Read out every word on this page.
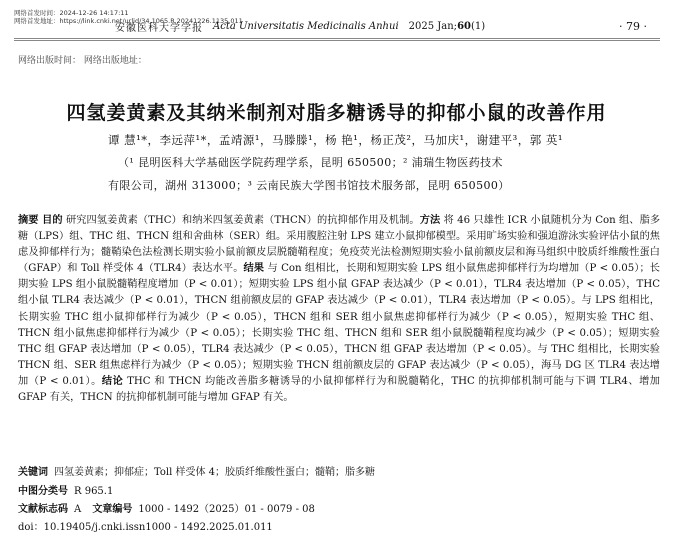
网络首发时间：2024-12-26 14:17:11
网络首发地址：https://link.cnki.net/urlid/34.1065.R.20241226.1135.011
安徽医科大学学报 Acta Universitatis Medicinalis Anhui 2025 Jan;60(1)	· 79 ·
网络出版时间： 网络出版地址：
四氢姜黄素及其纳米制剂对脂多糖诱导的抑郁小鼠的改善作用
谭 慧¹*，李远萍¹*，孟靖源¹，马滕滕¹，杨 艳¹，杨正茂²，马加庆¹，谢建平³，郭 英¹
（¹ 昆明医科大学基础医学院药理学系，昆明 650500；² 浦瑞生物医药技术
有限公司，湖州 313000；³ 云南民族大学图书馆技术服务部，昆明 650500）
摘要 目的 研究四氢姜黄素（THC）和纳米四氢姜黄素（THCN）的抗抑郁作用及机制。方法 将 46 只雄性 ICR 小鼠随机分为 Con 组、脂多糖（LPS）组、THC 组、THCN 组和舍曲林（SER）组。采用腹腔注射 LPS 建立小鼠抑郁模型。采用旷场实验和强迫游泳实验评估小鼠的焦虑及抑郁样行为；髓鞘染色法检测长期实验小鼠前额皮层脱髓鞘程度；免疫荧光法检测短期实验小鼠前额皮层和海马组织中胶质纤维酸性蛋白（GFAP）和 Toll 样受体 4（TLR4）表达水平。结果 与 Con 组相比，长期和短期实验 LPS 组小鼠焦虑抑郁样行为均增加（P < 0.05）；长期实验 LPS 组小鼠脱髓鞘程度增加（P < 0.01）；短期实验 LPS 组小鼠 GFAP 表达减少（P < 0.01），TLR4 表达增加（P < 0.05），THC 组小鼠 TLR4 表达减少（P < 0.01），THCN 组前额皮层的 GFAP 表达减少（P < 0.01），TLR4 表达增加（P < 0.05）。与 LPS 组相比，长期实验 THC 组小鼠抑郁样行为减少（P < 0.05），THCN 组和 SER 组小鼠焦虑抑郁样行为减少（P < 0.05），短期实验 THC 组、THCN 组小鼠焦虑抑郁样行为减少（P < 0.05）；长期实验 THC 组、THCN 组和 SER 组小鼠脱髓鞘程度均减少（P < 0.05）；短期实验 THC 组 GFAP 表达增加（P < 0.05），TLR4 表达减少（P < 0.05），THCN 组 GFAP 表达增加（P < 0.05）。与 THC 组相比，长期实验 THCN 组、SER 组焦虑样行为减少（P < 0.05）；短期实验 THCN 组前额皮层的 GFAP 表达减少（P < 0.05），海马 DG 区 TLR4 表达增加（P < 0.01）。结论 THC 和 THCN 均能改善脂多糖诱导的小鼠抑郁样行为和脱髓鞘化，THC 的抗抑郁机制可能与下调 TLR4、增加 GFAP 有关，THCN 的抗抑郁机制可能与增加 GFAP 有关。
关键词 四氢姜黄素；抑郁症；Toll 样受体 4；胶质纤维酸性蛋白；髓鞘；脂多糖
中图分类号 R 965.1
文献标志码 A 文章编号 1000 - 1492（2025）01 - 0079 - 08
doi：10.19405/j.cnki.issn1000 - 1492.2025.01.011
